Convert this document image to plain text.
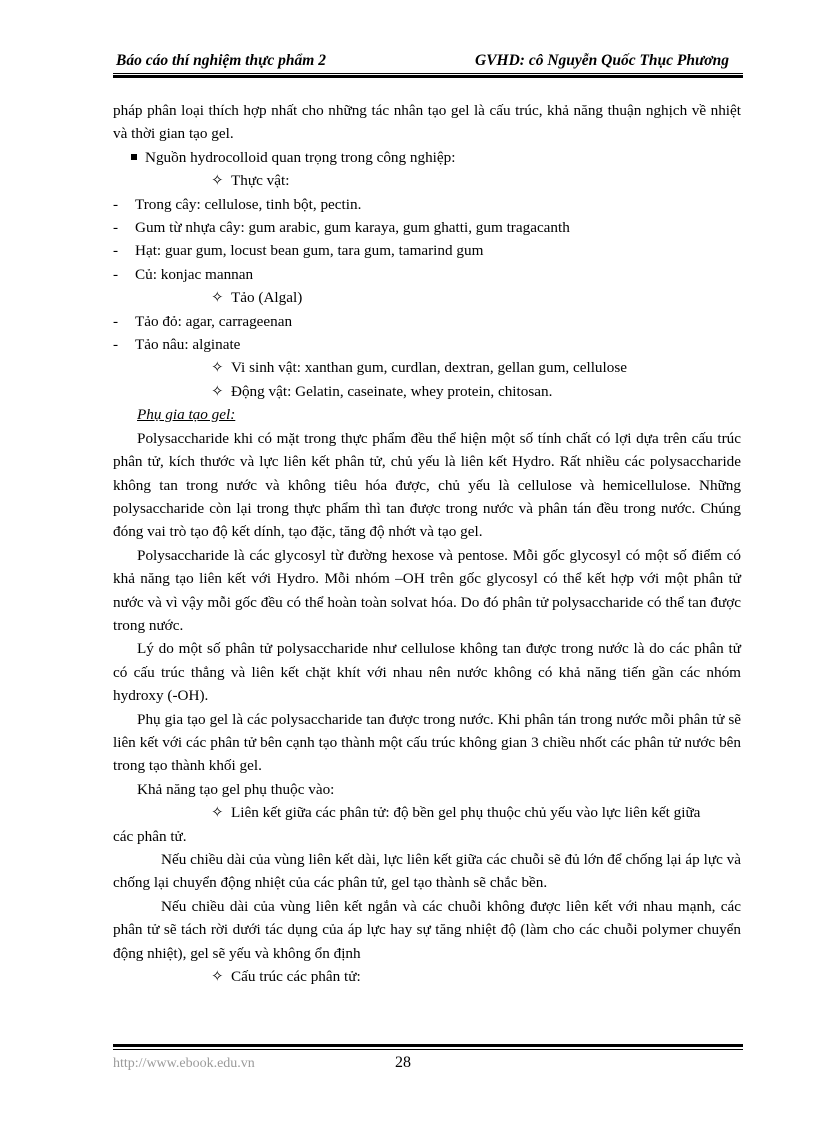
Báo cáo thí nghiệm thực phẩm 2	GVHD: cô Nguyễn Quốc Thục Phương

pháp phân loại thích hợp nhất cho những tác nhân tạo gel là cấu trúc, khả năng thuận nghịch về nhiệt và thời gian tạo gel.

Nguồn hydrocolloid quan trọng trong công nghiệp:

✧ Thực vật:

-	Trong cây: cellulose, tinh bột, pectin.

-	Gum từ nhựa cây: gum arabic, gum karaya, gum ghatti, gum tragacanth

-	Hạt: guar gum, locust bean gum, tara gum, tamarind gum

-	Củ: konjac mannan

✧ Tảo (Algal)

-	Tảo đỏ: agar, carrageenan

-	Tảo nâu: alginate

✧ Vi sinh vật: xanthan gum, curdlan, dextran, gellan gum, cellulose

✧ Động vật: Gelatin, caseinate, whey protein, chitosan.

Phụ gia tạo gel:

Polysaccharide khi có mặt trong thực phẩm đều thể hiện một số tính chất có lợi dựa trên cấu trúc phân tử, kích thước và lực liên kết phân tử, chủ yếu là liên kết Hydro. Rất nhiều các polysaccharide không tan trong nước và không tiêu hóa được, chủ yếu là cellulose và hemicellulose. Những polysaccharide còn lại trong thực phẩm thì tan được trong nước và phân tán đều trong nước. Chúng đóng vai trò tạo độ kết dính, tạo đặc, tăng độ nhớt và tạo gel.

Polysaccharide là các glycosyl từ đường hexose và pentose. Mỗi gốc glycosyl có một số điểm có khả năng tạo liên kết với Hydro. Mỗi nhóm –OH trên gốc glycosyl có thể kết hợp với một phân tử nước và vì vậy mỗi gốc đều có thể hoàn toàn solvat hóa. Do đó phân tử polysaccharide có thể tan được trong nước.

Lý do một số phân tử polysaccharide như cellulose không tan được trong nước là do các phân tử có cấu trúc thẳng và liên kết chặt khít với nhau nên nước không có khả năng tiến gần các nhóm hydroxy (-OH).

Phụ gia tạo gel là các polysaccharide tan được trong nước. Khi phân tán trong nước mỗi phân tử sẽ liên kết với các phân tử bên cạnh tạo thành một cấu trúc không gian 3 chiều nhốt các phân tử nước bên trong tạo thành khối gel.

Khả năng tạo gel phụ thuộc vào:

✧ Liên kết giữa các phân tử: độ bền gel phụ thuộc chủ yếu vào lực liên kết giữa
các phân tử.

Nếu chiều dài của vùng liên kết dài, lực liên kết giữa các chuỗi sẽ đủ lớn để chống lại áp lực và chống lại chuyển động nhiệt của các phân tử, gel tạo thành sẽ chắc bền.

Nếu chiều dài của vùng liên kết ngắn và các chuỗi không được liên kết với nhau mạnh, các phân tử sẽ tách rời dưới tác dụng của áp lực hay sự tăng nhiệt độ (làm cho các chuỗi polymer chuyển động nhiệt), gel sẽ yếu và không ổn định

✧ Cấu trúc các phân tử:

http://www.ebook.edu.vn	28
